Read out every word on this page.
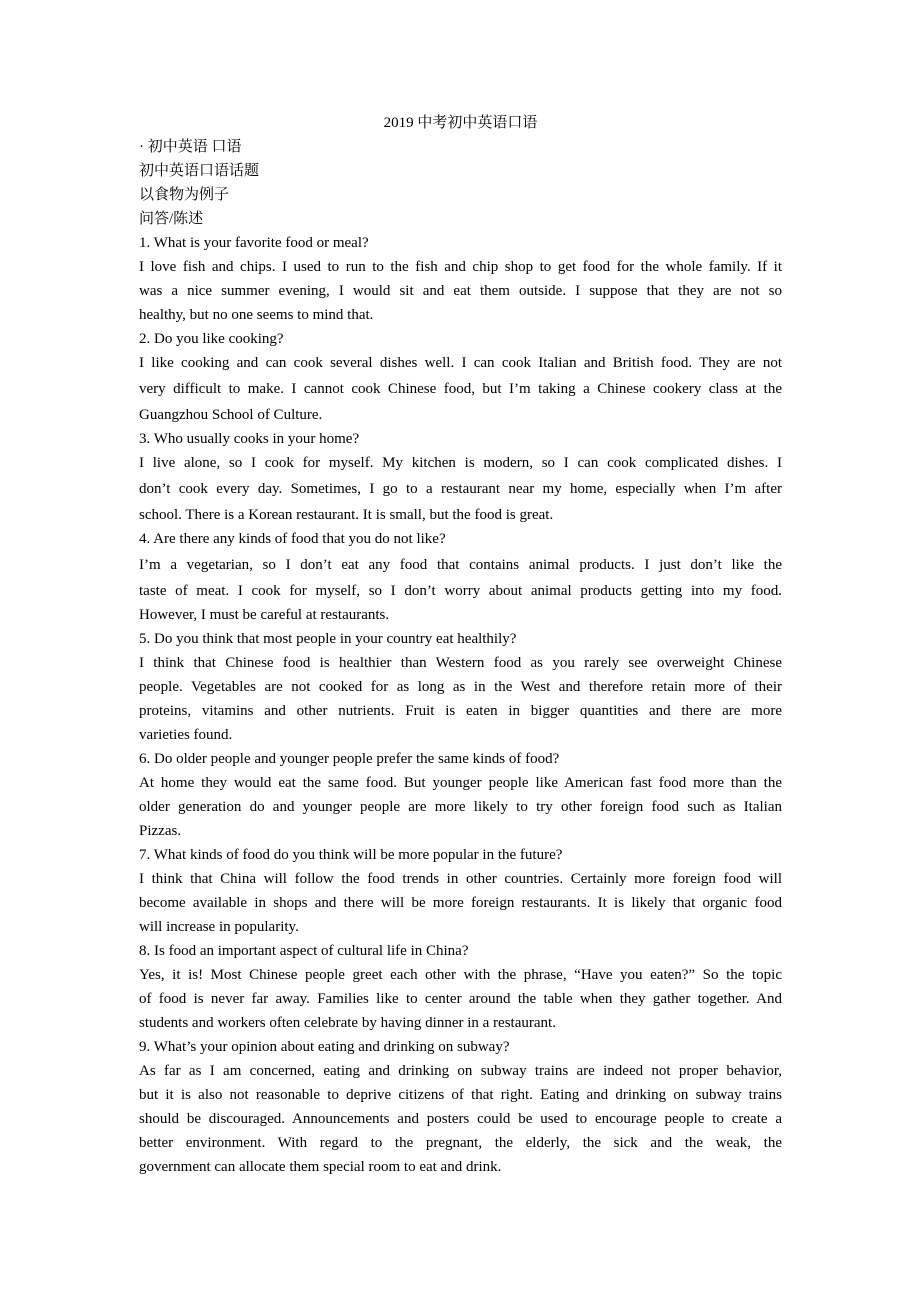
2019 中考初中英语口语

· 初中英语 口语

初中英语口语话题

以食物为例子

问答/陈述

1. What is your favorite food or meal?

I love fish and chips. I used to run to the fish and chip shop to get food for the whole family. If it
was a nice summer evening, I would sit and eat them outside. I suppose that they are not so
healthy, but no one seems to mind that.

2. Do you like cooking?

I like cooking and can cook several dishes well. I can cook Italian and British food. They are not
very difficult to make. I cannot cook Chinese food, but I’m taking a Chinese cookery class at the
Guangzhou School of Culture.

3. Who usually cooks in your home?

I live alone, so I cook for myself. My kitchen is modern, so I can cook complicated dishes. I
don’t cook every day. Sometimes, I go to a restaurant near my home, especially when I’m after
school. There is a Korean restaurant. It is small, but the food is great.

4. Are there any kinds of food that you do not like?

I’m a vegetarian, so I don’t eat any food that contains animal products. I just don’t like the
taste of meat. I cook for myself, so I don’t worry about animal products getting into my food.
However, I must be careful at restaurants.

5. Do you think that most people in your country eat healthily?

I think that Chinese food is healthier than Western food as you rarely see overweight Chinese
people. Vegetables are not cooked for as long as in the West and therefore retain more of their
proteins, vitamins and other nutrients. Fruit is eaten in bigger quantities and there are more
varieties found.

6. Do older people and younger people prefer the same kinds of food?

At home they would eat the same food. But younger people like American fast food more than the
older generation do and younger people are more likely to try other foreign food such as Italian
Pizzas.

7. What kinds of food do you think will be more popular in the future?

I think that China will follow the food trends in other countries. Certainly more foreign food will
become available in shops and there will be more foreign restaurants. It is likely that organic food
will increase in popularity.

8. Is food an important aspect of cultural life in China?

Yes, it is! Most Chinese people greet each other with the phrase, “Have you eaten?” So the topic
of food is never far away. Families like to center around the table when they gather together. And
students and workers often celebrate by having dinner in a restaurant.

9. What’s your opinion about eating and drinking on subway?

As far as I am concerned, eating and drinking on subway trains are indeed not proper behavior,
but it is also not reasonable to deprive citizens of that right. Eating and drinking on subway trains
should be discouraged. Announcements and posters could be used to encourage people to create a
better environment. With regard to the pregnant, the elderly, the sick and the weak, the
government can allocate them special room to eat and drink.
